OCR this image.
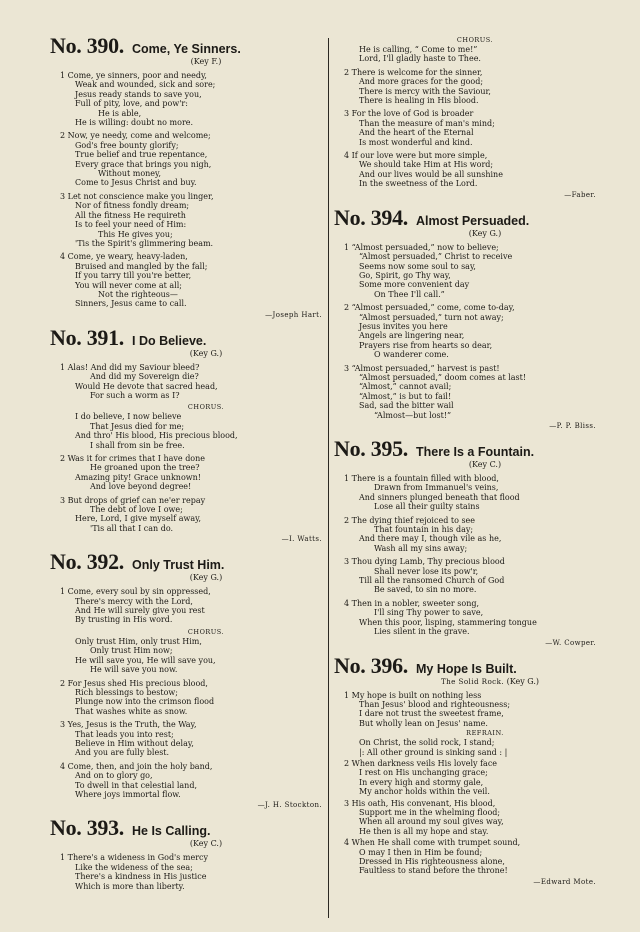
No. 390. Come, Ye Sinners.
(Key F.)
1 Come, ye sinners, poor and needy,
Weak and wounded, sick and sore;
Jesus ready stands to save you,
Full of pity, love, and pow'r:
He is able,
He is willing: doubt no more.
2 Now, ye needy, come and welcome;
God's free bounty glorify;
True belief and true repentance,
Every grace that brings you nigh,
Without money,
Come to Jesus Christ and buy.
3 Let not conscience make you linger,
Nor of fitness fondly dream;
All the fitness He requireth
Is to feel your need of Him:
This He gives you;
'Tis the Spirit's glimmering beam.
4 Come, ye weary, heavy-laden,
Bruised and mangled by the fall;
If you tarry till you're better,
You will never come at all;
Not the righteous—
Sinners, Jesus came to call.
—Joseph Hart.
No. 391. I Do Believe.
(Key G.)
1 Alas! And did my Saviour bleed?
And did my Sovereign die?
Would He devote that sacred head,
For such a worm as I?
CHORUS.
I do believe, I now believe
That Jesus died for me;
And thro' His blood, His precious blood,
I shall from sin be free.
2 Was it for crimes that I have done
He groaned upon the tree?
Amazing pity! Grace unknown!
And love beyond degree!
3 But drops of grief can ne'er repay
The debt of love I owe;
Here, Lord, I give myself away,
'Tis all that I can do.
—I. Watts.
No. 392. Only Trust Him.
(Key G.)
1 Come, every soul by sin oppressed,
There's mercy with the Lord,
And He will surely give you rest
By trusting in His word.
CHORUS.
Only trust Him, only trust Him,
Only trust Him now;
He will save you, He will save you,
He will save you now.
2 For Jesus shed His precious blood,
Rich blessings to bestow;
Plunge now into the crimson flood
That washes white as snow.
3 Yes, Jesus is the Truth, the Way,
That leads you into rest;
Believe in Him without delay,
And you are fully blest.
4 Come, then, and join the holy band,
And on to glory go,
To dwell in that celestial land,
Where joys immortal flow.
—J. H. Stockton.
No. 393. He Is Calling.
(Key C.)
1 There's a wideness in God's mercy
Like the wideness of the sea;
There's a kindness in His justice
Which is more than liberty.
CHORUS.
He is calling, “ Come to me!”
Lord, I'll gladly haste to Thee.
2 There is welcome for the sinner,
And more graces for the good;
There is mercy with the Saviour,
There is healing in His blood.
3 For the love of God is broader
Than the measure of man's mind;
And the heart of the Eternal
Is most wonderful and kind.
4 If our love were but more simple,
We should take Him at His word;
And our lives would be all sunshine
In the sweetness of the Lord.
—Faber.
No. 394. Almost Persuaded.
(Key G.)
1 “Almost persuaded,” now to believe;
“Almost persuaded,” Christ to receive
Seems now some soul to say,
Go, Spirit, go Thy way,
Some more convenient day
On Thee I'll call.”
2 “Almost persuaded,” come, come to-day,
“Almost persuaded,” turn not away;
Jesus invites you here
Angels are lingering near,
Prayers rise from hearts so dear,
O wanderer come.
3 “Almost persuaded,” harvest is past!
“Almost persuaded,” doom comes at last!
“Almost,” cannot avail;
“Almost,” is but to fail!
Sad, sad the bitter wail
“Almost—but lost!”
—P. P. Bliss.
No. 395. There Is a Fountain.
(Key C.)
1 There is a fountain filled with blood,
Drawn from Immanuel's veins,
And sinners plunged beneath that flood
Lose all their guilty stains
2 The dying thief rejoiced to see
That fountain in his day;
And there may I, though vile as he,
Wash all my sins away;
3 Thou dying Lamb, Thy precious blood
Shall never lose its pow'r,
Till all the ransomed Church of God
Be saved, to sin no more.
4 Then in a nobler, sweeter song,
I'll sing Thy power to save,
When this poor, lisping, stammering tongue
Lies silent in the grave.
—W. Cowper.
No. 396. My Hope Is Built.
The Solid Rock. (Key G.)
1 My hope is built on nothing less
Than Jesus' blood and righteousness;
I dare not trust the sweetest frame,
But wholly lean on Jesus' name.
REFRAIN.
On Christ, the solid rock, I stand;
|: All other ground is sinking sand : |
2 When darkness veils His lovely face
I rest on His unchanging grace;
In every high and stormy gale,
My anchor holds within the veil.
3 His oath, His convenant, His blood,
Support me in the whelming flood;
When all around my soul gives way,
He then is all my hope and stay.
4 When He shall come with trumpet sound,
O may I then in Him be found;
Dressed in His righteousness alone,
Faultless to stand before the throne!
—Edward Mote.
